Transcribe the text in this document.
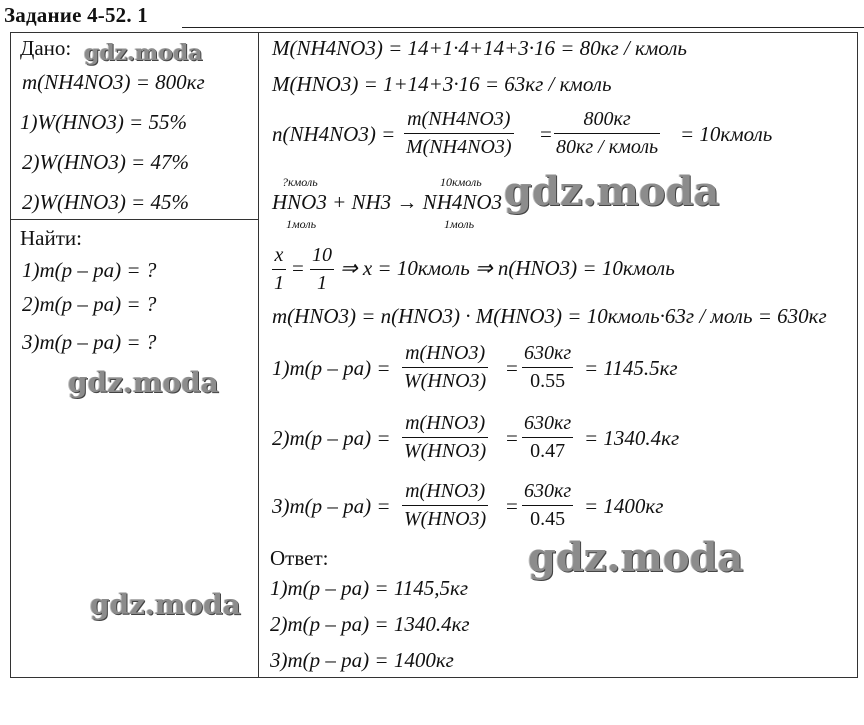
Задание 4-52. 1
Дано:
m(NH4NO3) = 800кг
1)W(HNO3) = 55%
2)W(HNO3) = 47%
2)W(HNO3) = 45%
Найти:
1)m(p – pa) = ?
2)m(p – pa) = ?
3)m(p – pa) = ?
M(NH4NO3) = 14+1·4+14+3·16 = 80кг / кмоль
M(HNO3) = 1+14+3·16 = 63кг / кмоль
$n(NH4NO3) = \frac{m(NH4NO3)}{M(NH4NO3)}$ =
800кг
80кг / кмоль
= 10кмоль
?кмоль	10кмоль
HNO3 + NH3 → NH4NO3
1моль	1моль
$\frac{x}{1} = \frac{10}{1}$ ⇒ x = 10кмоль ⇒ n(HNO3) = 10кмоль
m(HNO3) = n(HNO3) · M(HNO3) = 10кмоль·63г / моль = 630кг
1)m(p – pa) =
m(HNO3)
W(HNO3)
=
630кг
0.55
= 1145.5кг
2)m(p – pa) =
m(HNO3)
W(HNO3)
=
630кг
0.47
= 1340.4кг
3)m(p – pa) =
m(HNO3)
W(HNO3)
=
630кг
0.45
= 1400кг
Ответ:
1)m(p – pa) = 1145,5кг
2)m(p – pa) = 1340.4кг
3)m(p – pa) = 1400кг
gdz.moda
gdz.moda
gdz.moda
gdz.moda
gdz.moda
